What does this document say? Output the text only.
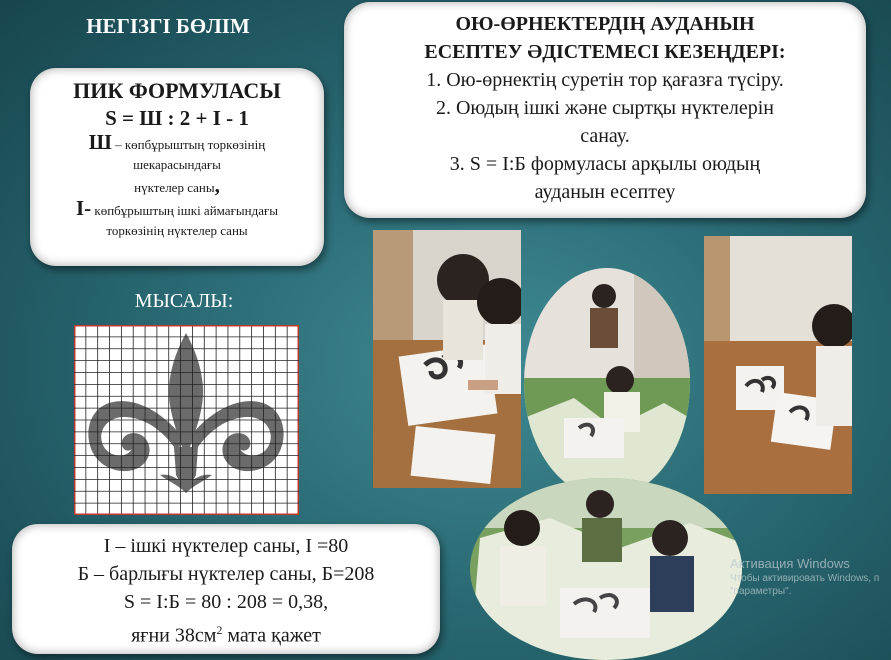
НЕГІЗГІ БӨЛІМ
ПИК ФОРМУЛАСЫ
S = Ш : 2 + I - 1
Ш – көпбұрыштың торкөзінің
шекарасындағы
нүктелер саны,
I- көпбұрыштың ішкі аймағындағы
торкөзінің нүктелер саны
ОЮ-ӨРНЕКТЕРДІҢ АУДАНЫН
ЕСЕПТЕУ ӘДІСТЕМЕСІ КЕЗЕҢДЕРІ:
1. Ою-өрнектің суретін тор қағазға түсіру.
2. Оюдың ішкі және сыртқы нүктелерін
санау.
3. S = I:Б формуласы арқылы оюдың
ауданын есептеу
МЫСАЛЫ:
I – ішкі нүктелер саны, I =80
Б – барлығы нүктелер саны, Б=208
S = I:Б = 80 : 208 = 0,38,
яғни $38см^2$ мата қажет
Активация Windows
Чтобы активировать Windows, п
"параметры".
